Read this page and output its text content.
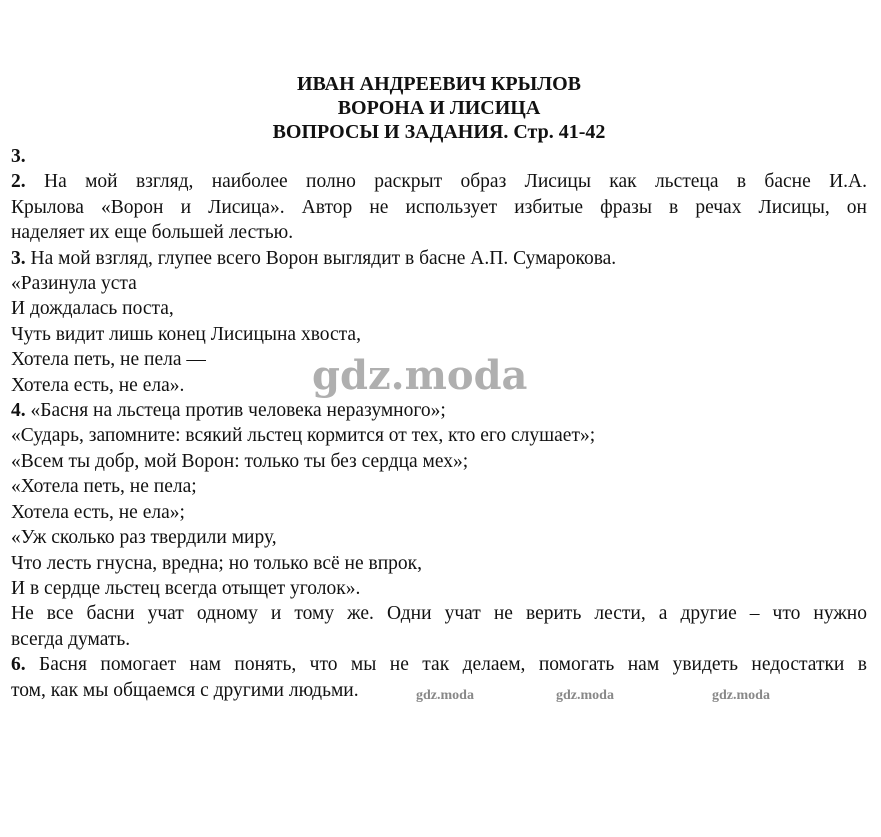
ИВАН АНДРЕЕВИЧ КРЫЛОВ
ВОРОНА И ЛИСИЦА
ВОПРОСЫ И ЗАДАНИЯ. Стр. 41-42
3.
2. На мой взгляд, наиболее полно раскрыт образ Лисицы как льстеца в басне И.А.
Крылова «Ворон и Лисица». Автор не использует избитые фразы в речах Лисицы, он
наделяет их еще большей лестью.
3. На мой взгляд, глупее всего Ворон выглядит в басне А.П. Сумарокова.
«Разинула уста
И дождалась поста,
Чуть видит лишь конец Лисицына хвоста,
Хотела петь, не пела —
Хотела есть, не ела».
4. «Басня на льстеца против человека неразумного»;
«Сударь, запомните: всякий льстец кормится от тех, кто его слушает»;
«Всем ты добр, мой Ворон: только ты без сердца мех»;
«Хотела петь, не пела;
Хотела есть, не ела»;
«Уж сколько раз твердили миру,
Что лесть гнусна, вредна; но только всё не впрок,
И в сердце льстец всегда отыщет уголок».
Не все басни учат одному и тому же. Одни учат не верить лести, а другие – что нужно
всегда думать.
6. Басня помогает нам понять, что мы не так делаем, помогать нам увидеть недостатки в
том, как мы общаемся с другими людьми.
gdz.moda
gdz.moda	gdz.moda	gdz.moda
